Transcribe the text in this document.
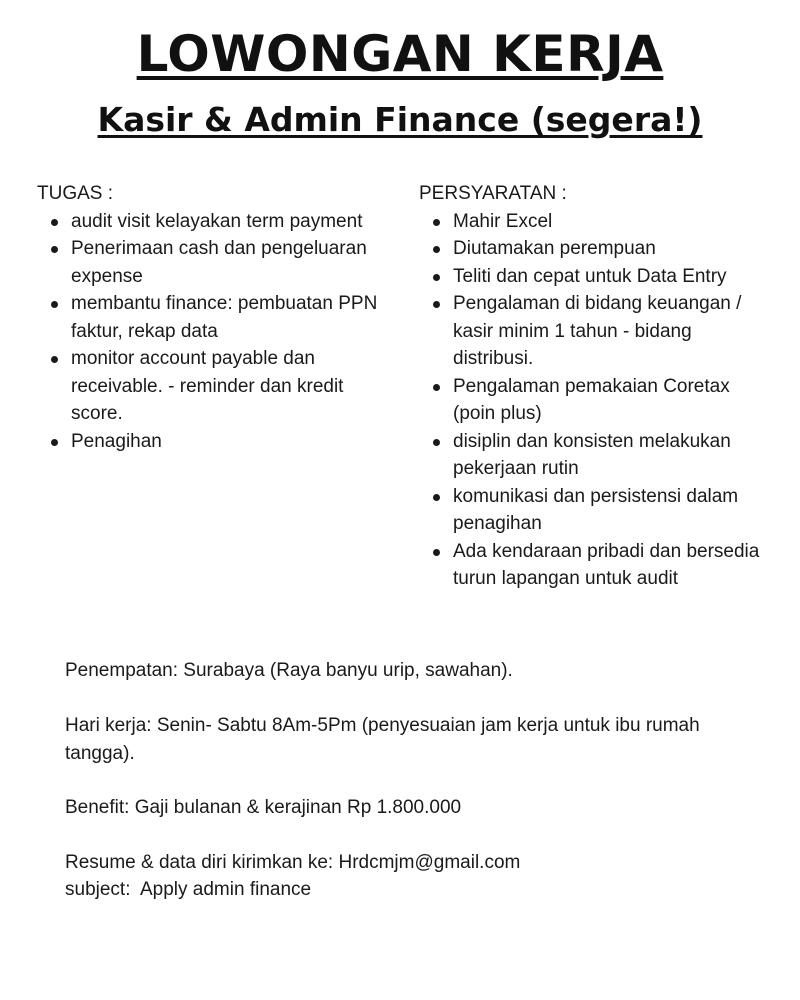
LOWONGAN KERJA
Kasir & Admin Finance (segera!)

TUGAS :

audit visit kelayakan term payment
Penerimaan cash dan pengeluaran expense
membantu finance: pembuatan PPN faktur, rekap data
monitor account payable dan receivable. - reminder dan kredit score.
Penagihan

PERSYARATAN :

Mahir Excel
Diutamakan perempuan
Teliti dan cepat untuk Data Entry
Pengalaman di bidang keuangan / kasir minim 1 tahun - bidang distribusi.
Pengalaman pemakaian Coretax (poin plus)
disiplin dan konsisten melakukan pekerjaan rutin
komunikasi dan persistensi dalam penagihan
Ada kendaraan pribadi dan bersedia turun lapangan untuk audit

Penempatan: Surabaya (Raya banyu urip, sawahan).

Hari kerja: Senin- Sabtu 8Am-5Pm (penyesuaian jam kerja untuk ibu rumah tangga).

Benefit: Gaji bulanan & kerajinan Rp 1.800.000

Resume & data diri kirimkan ke: Hrdcmjm@gmail.com

subject:  Apply admin finance
